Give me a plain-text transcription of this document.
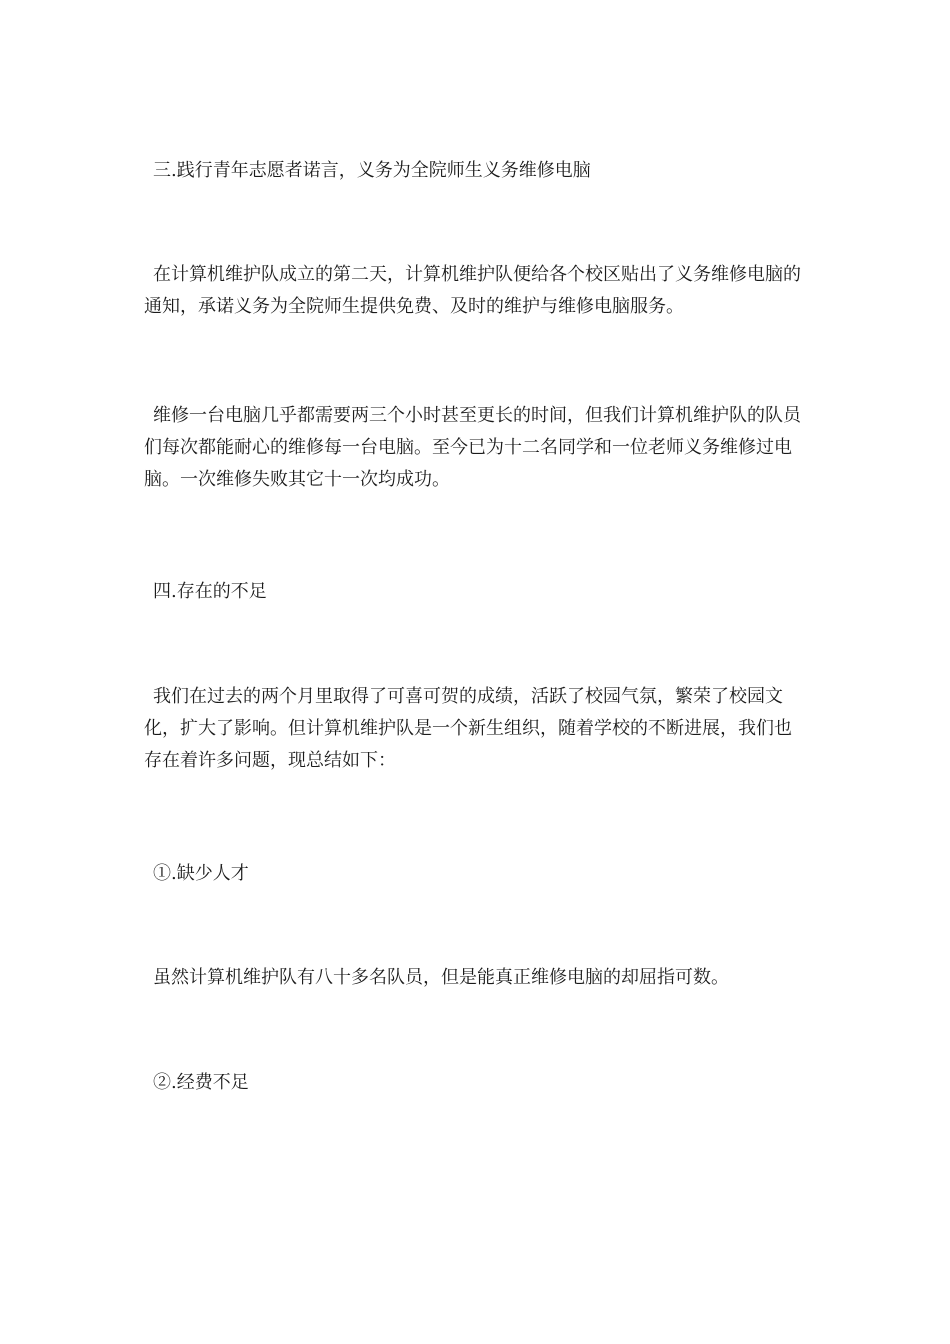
三.践行青年志愿者诺言，义务为全院师生义务维修电脑
在计算机维护队成立的第二天，计算机维护队便给各个校区贴出了义务维修电脑的通知，承诺义务为全院师生提供免费、及时的维护与维修电脑服务。
维修一台电脑几乎都需要两三个小时甚至更长的时间，但我们计算机维护队的队员们每次都能耐心的维修每一台电脑。至今已为十二名同学和一位老师义务维修过电脑。一次维修失败其它十一次均成功。
四.存在的不足
我们在过去的两个月里取得了可喜可贺的成绩，活跃了校园气氛，繁荣了校园文化，扩大了影响。但计算机维护队是一个新生组织，随着学校的不断进展，我们也存在着许多问题，现总结如下：
①.缺少人才
虽然计算机维护队有八十多名队员，但是能真正维修电脑的却屈指可数。
②.经费不足
